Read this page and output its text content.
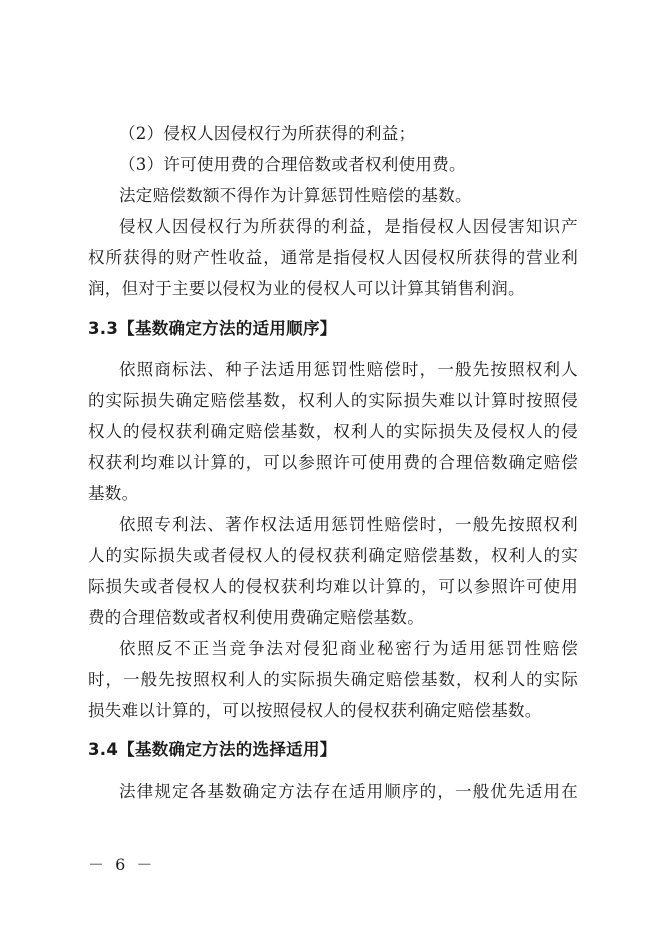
（2）侵权人因侵权行为所获得的利益；
（3）许可使用费的合理倍数或者权利使用费。
法定赔偿数额不得作为计算惩罚性赔偿的基数。
侵权人因侵权行为所获得的利益，是指侵权人因侵害知识产
权所获得的财产性收益，通常是指侵权人因侵权所获得的营业利
润，但对于主要以侵权为业的侵权人可以计算其销售利润。
3.3【基数确定方法的适用顺序】
依照商标法、种子法适用惩罚性赔偿时，一般先按照权利人
的实际损失确定赔偿基数，权利人的实际损失难以计算时按照侵
权人的侵权获利确定赔偿基数，权利人的实际损失及侵权人的侵
权获利均难以计算的，可以参照许可使用费的合理倍数确定赔偿
基数。
依照专利法、著作权法适用惩罚性赔偿时，一般先按照权利
人的实际损失或者侵权人的侵权获利确定赔偿基数，权利人的实
际损失或者侵权人的侵权获利均难以计算的，可以参照许可使用
费的合理倍数或者权利使用费确定赔偿基数。
依照反不正当竞争法对侵犯商业秘密行为适用惩罚性赔偿
时，一般先按照权利人的实际损失确定赔偿基数，权利人的实际
损失难以计算的，可以按照侵权人的侵权获利确定赔偿基数。
3.4【基数确定方法的选择适用】
法律规定各基数确定方法存在适用顺序的，一般优先适用在
－ 6 －
